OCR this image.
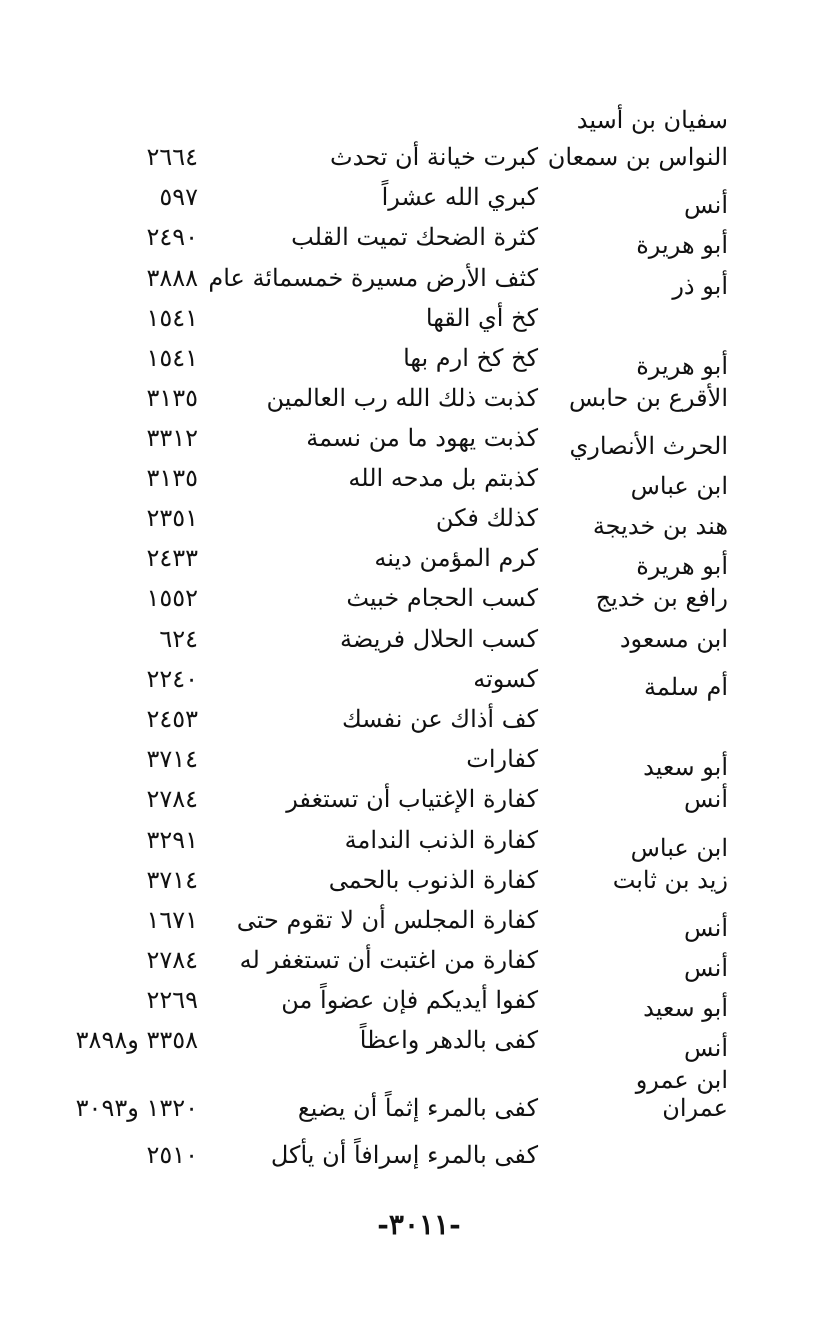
سفيان بن أسيد
النواس بن سمعان
كبرت خيانة أن تحدث
٢٦٦٤
أنس
كبري الله عشراً
٥٩٧
أبو هريرة
كثرة الضحك تميت القلب
٢٤٩٠
أبو ذر
كثف الأرض مسيرة خمسمائة عام
٣٨٨٨
كخ أي القها
١٥٤١
أبو هريرة
كخ كخ ارم بها
١٥٤١
الأقرع بن حابس
كذبت ذلك الله رب العالمين
٣١٣٥
الحرث الأنصاري
كذبت يهود ما من نسمة
٣٣١٢
ابن عباس
كذبتم بل مدحه الله
٣١٣٥
هند بن خديجة
كذلك فكن
٢٣٥١
أبو هريرة
كرم المؤمن دينه
٢٤٣٣
رافع بن خديج
كسب الحجام خبيث
١٥٥٢
ابن مسعود
كسب الحلال فريضة
٦٢٤
أم سلمة
كسوته
٢٢٤٠
كف أذاك عن نفسك
٢٤٥٣
أبو سعيد
كفارات
٣٧١٤
أنس
كفارة الإغتياب أن تستغفر
٢٧٨٤
ابن عباس
كفارة الذنب الندامة
٣٢٩١
زيد بن ثابت
كفارة الذنوب بالحمى
٣٧١٤
أنس
كفارة المجلس أن لا تقوم حتى
١٦٧١
أنس
كفارة من اغتبت أن تستغفر له
٢٧٨٤
أبو سعيد
كفوا أيديكم فإن عضواً من
٢٢٦٩
أنس
كفى بالدهر واعظاً
٣٣٥٨ و٣٨٩٨
ابن عمرو
عمران
كفى بالمرء إثماً أن يضيع
١٣٢٠ و٣٠٩٣
كفى بالمرء إسرافاً أن يأكل
٢٥١٠
-٣٠١١-
